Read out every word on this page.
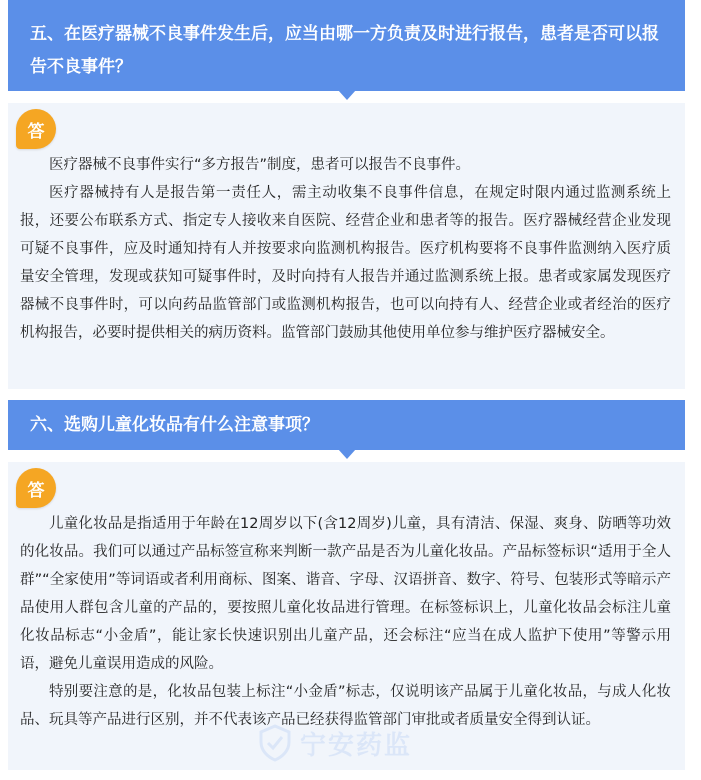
五、在医疗器械不良事件发生后，应当由哪一方负责及时进行报告，患者是否可以报告不良事件？
答

医疗器械不良事件实行“多方报告”制度，患者可以报告不良事件。

医疗器械持有人是报告第一责任人，需主动收集不良事件信息，在规定时限内通过监测系统上报，还要公布联系方式、指定专人接收来自医院、经营企业和患者等的报告。医疗器械经营企业发现可疑不良事件，应及时通知持有人并按要求向监测机构报告。医疗机构要将不良事件监测纳入医疗质量安全管理，发现或获知可疑事件时，及时向持有人报告并通过监测系统上报。患者或家属发现医疗器械不良事件时，可以向药品监管部门或监测机构报告，也可以向持有人、经营企业或者经治的医疗机构报告，必要时提供相关的病历资料。监管部门鼓励其他使用单位参与维护医疗器械安全。

六、选购儿童化妆品有什么注意事项？
答

儿童化妆品是指适用于年龄在12周岁以下(含12周岁)儿童，具有清洁、保湿、爽身、防晒等功效的化妆品。我们可以通过产品标签宣称来判断一款产品是否为儿童化妆品。产品标签标识“适用于全人群”“全家使用”等词语或者利用商标、图案、谐音、字母、汉语拼音、数字、符号、包装形式等暗示产品使用人群包含儿童的产品的，要按照儿童化妆品进行管理。在标签标识上，儿童化妆品会标注儿童化妆品标志“小金盾”，能让家长快速识别出儿童产品，还会标注“应当在成人监护下使用”等警示用语，避免儿童误用造成的风险。

特别要注意的是，化妆品包装上标注“小金盾”标志，仅说明该产品属于儿童化妆品，与成人化妆品、玩具等产品进行区别，并不代表该产品已经获得监管部门审批或者质量安全得到认证。
